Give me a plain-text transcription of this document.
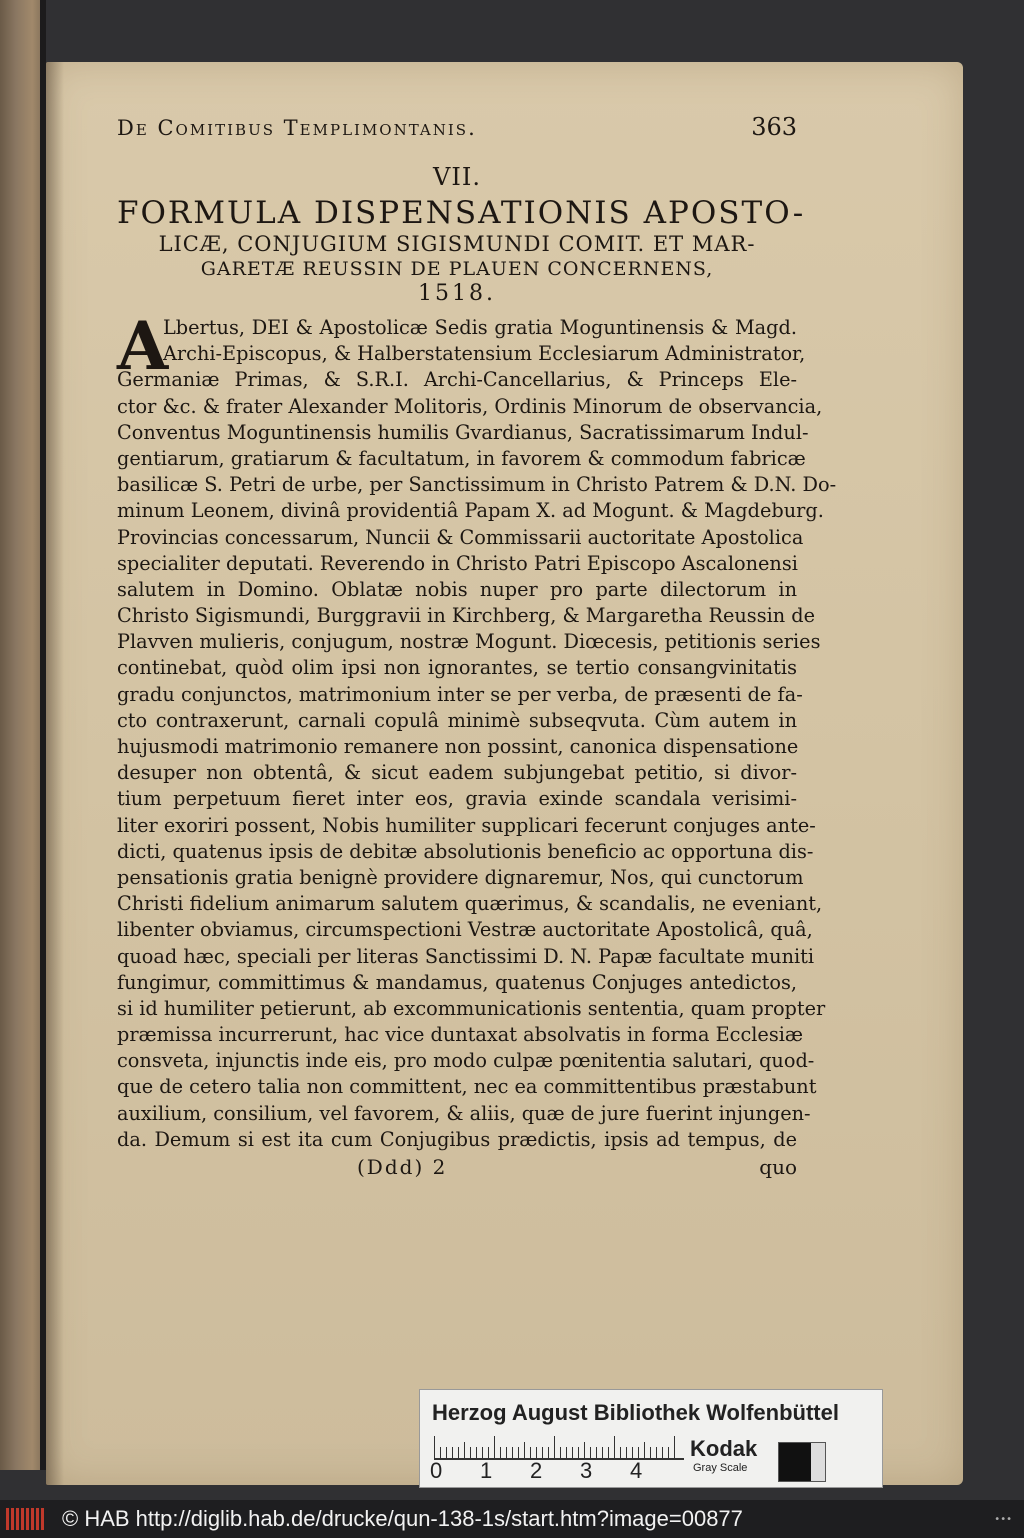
De Comitibus Templimontanis.	363
VII.
FORMULA DISPENSATIONIS APOSTO-
LICÆ, CONJUGIUM SIGISMUNDI COMIT. ET MAR-
GARETÆ REUSSIN DE PLAUEN CONCERNENS,
1518.
A
Lbertus, DEI & Apostolicæ Sedis gratia Moguntinensis & Magd.
Archi-Episcopus, & Halberstatensium Ecclesiarum Administrator,
Germaniæ Primas, & S.R.I. Archi-Cancellarius, & Princeps Ele-
ctor &c. & frater Alexander Molitoris, Ordinis Minorum de observancia,
Conventus Moguntinensis humilis Gvardianus, Sacratissimarum Indul-
gentiarum, gratiarum & facultatum, in favorem & commodum fabricæ
basilicæ S. Petri de urbe, per Sanctissimum in Christo Patrem & D.N. Do-
minum Leonem, divinâ providentiâ Papam X. ad Mogunt. & Magdeburg.
Provincias concessarum, Nuncii & Commissarii auctoritate Apostolica
specialiter deputati. Reverendo in Christo Patri Episcopo Ascalonensi
salutem in Domino. Oblatæ nobis nuper pro parte dilectorum in
Christo Sigismundi, Burggravii in Kirchberg, & Margaretha Reussin de
Plavven mulieris, conjugum, nostræ Mogunt. Diœcesis, petitionis series
continebat, quòd olim ipsi non ignorantes, se tertio consangvinitatis
gradu conjunctos, matrimonium inter se per verba, de præsenti de fa-
cto contraxerunt, carnali copulâ minimè subseqvuta. Cùm autem in
hujusmodi matrimonio remanere non possint, canonica dispensatione
desuper non obtentâ, & sicut eadem subjungebat petitio, si divor-
tium perpetuum fieret inter eos, gravia exinde scandala verisimi-
liter exoriri possent, Nobis humiliter supplicari fecerunt conjuges ante-
dicti, quatenus ipsis de debitæ absolutionis beneficio ac opportuna dis-
pensationis gratia benignè providere dignaremur, Nos, qui cunctorum
Christi fidelium animarum salutem quærimus, & scandalis, ne eveniant,
libenter obviamus, circumspectioni Vestræ auctoritate Apostolicâ, quâ,
quoad hæc, speciali per literas Sanctissimi D. N. Papæ facultate muniti
fungimur, committimus & mandamus, quatenus Conjuges antedictos,
si id humiliter petierunt, ab excommunicationis sententia, quam propter
præmissa incurrerunt, hac vice duntaxat absolvatis in forma Ecclesiæ
consveta, injunctis inde eis, pro modo culpæ pœnitentia salutari, quod-
que de cetero talia non committent, nec ea committentibus præstabunt
auxilium, consilium, vel favorem, & aliis, quæ de jure fuerint injungen-
da. Demum si est ita cum Conjugibus prædictis, ipsis ad tempus, de
(Ddd) 2	quo
Herzog August Bibliothek Wolfenbüttel
0 1 2 3 4
Kodak
Gray Scale
© HAB http://diglib.hab.de/drucke/qun-138-1s/start.htm?image=00877	•••
